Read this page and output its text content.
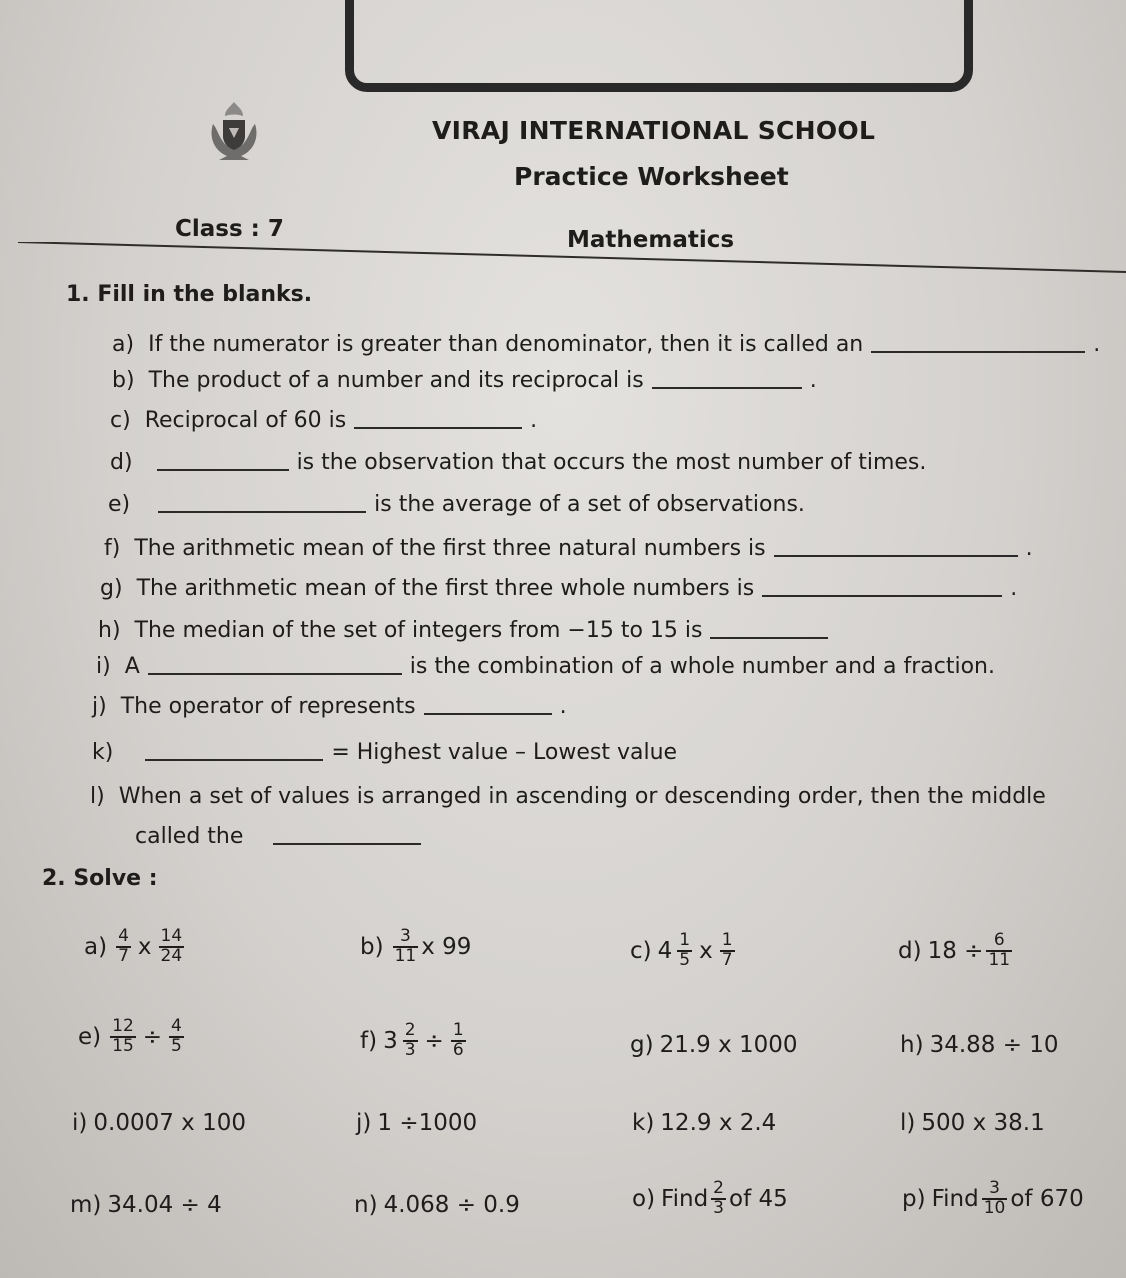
VIRAJ INTERNATIONAL SCHOOL
Practice Worksheet
Class : 7	Mathematics
1. Fill in the blanks.
a) If the numerator is greater than denominator, then it is called an	.
b) The product of a number and its reciprocal is	.
c) Reciprocal of 60 is	.
d)	is the observation that occurs the most number of times.
e)	is the average of a set of observations.
f) The arithmetic mean of the first three natural numbers is	.
g) The arithmetic mean of the first three whole numbers is	.
h) The median of the set of integers from −15 to 15 is
i) A	is the combination of a whole number and a fraction.
j) The operator of represents	.
k)	= Highest value – Lowest value
l) When a set of values is arranged in ascending or descending order, then the middle
called the
2. Solve :
$a) \frac{4}{7}$ x $\frac{14}{24}$	$b) \frac{3}{11}$ x 99	c) $4 \frac{1}{5}$ x $\frac{1}{7}$	d) $18 \div \frac{6}{11}$
$e) \frac{12}{15} \div \frac{4}{5}$	f) $3 \frac{2}{3} \div \frac{1}{6}$	g) 21.9 x 1000	h) 34.88 ÷ 10
i) 0.0007 x 100	j) 1 ÷1000	k) 12.9 x 2.4	l) 500 x 38.1
m) 34.04 ÷ 4	n) 4.068 ÷ 0.9	o) Find $\frac{2}{3}$ of 45	p) Find $\frac{3}{10}$ of 670
